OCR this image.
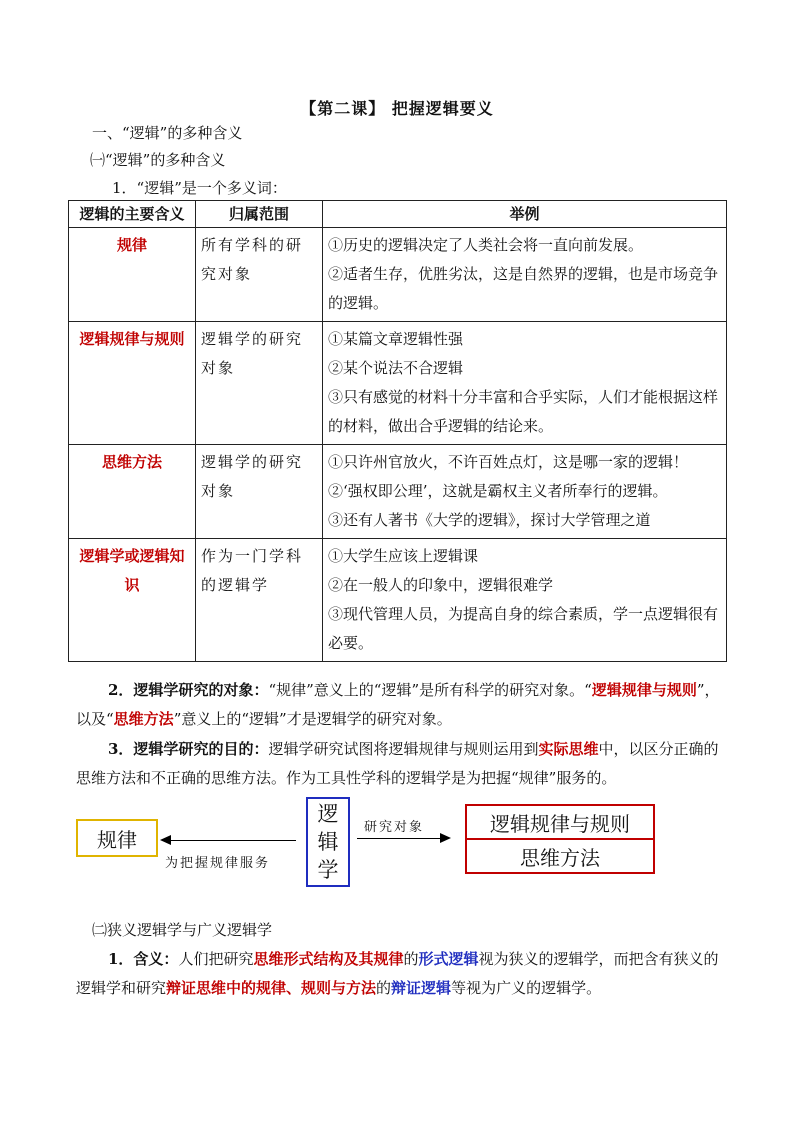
【第二课】 把握逻辑要义
一、“逻辑”的多种含义
㈠“逻辑”的多种含义
1．“逻辑”是一个多义词：
逻辑的主要含义	归属范围	举例
规律	所有学科的研究对象	①历史的逻辑决定了人类社会将一直向前发展。
②适者生存，优胜劣汰，这是自然界的逻辑，也是市场竞争的逻辑。

逻辑规律与规则	逻辑学的研究对象	①某篇文章逻辑性强
②某个说法不合逻辑
③只有感觉的材料十分丰富和合乎实际，人们才能根据这样的材料，做出合乎逻辑的结论来。

思维方法	逻辑学的研究对象	①只许州官放火，不许百姓点灯，这是哪一家的逻辑！
②‘强权即公理’，这就是霸权主义者所奉行的逻辑。
③还有人著书《大学的逻辑》，探讨大学管理之道

逻辑学或逻辑知识	作为一门学科的逻辑学	①大学生应该上逻辑课
②在一般人的印象中，逻辑很难学
③现代管理人员，为提高自身的综合素质，学一点逻辑很有必要。
2．逻辑学研究的对象：“规律”意义上的“逻辑”是所有科学的研究对象。“逻辑规律与规则”，以及“思维方法”意义上的“逻辑”才是逻辑学的研究对象。
3．逻辑学研究的目的：逻辑学研究试图将逻辑规律与规则运用到实际思维中，以区分正确的思维方法和不正确的思维方法。作为工具性学科的逻辑学是为把握“规律”服务的。
规律
逻辑学
逻辑规律与规则
思维方法
研究对象
为把握规律服务
㈡狭义逻辑学与广义逻辑学
1．含义：人们把研究思维形式结构及其规律的形式逻辑视为狭义的逻辑学，而把含有狭义的逻辑学和研究辩证思维中的规律、规则与方法的辩证逻辑等视为广义的逻辑学。
